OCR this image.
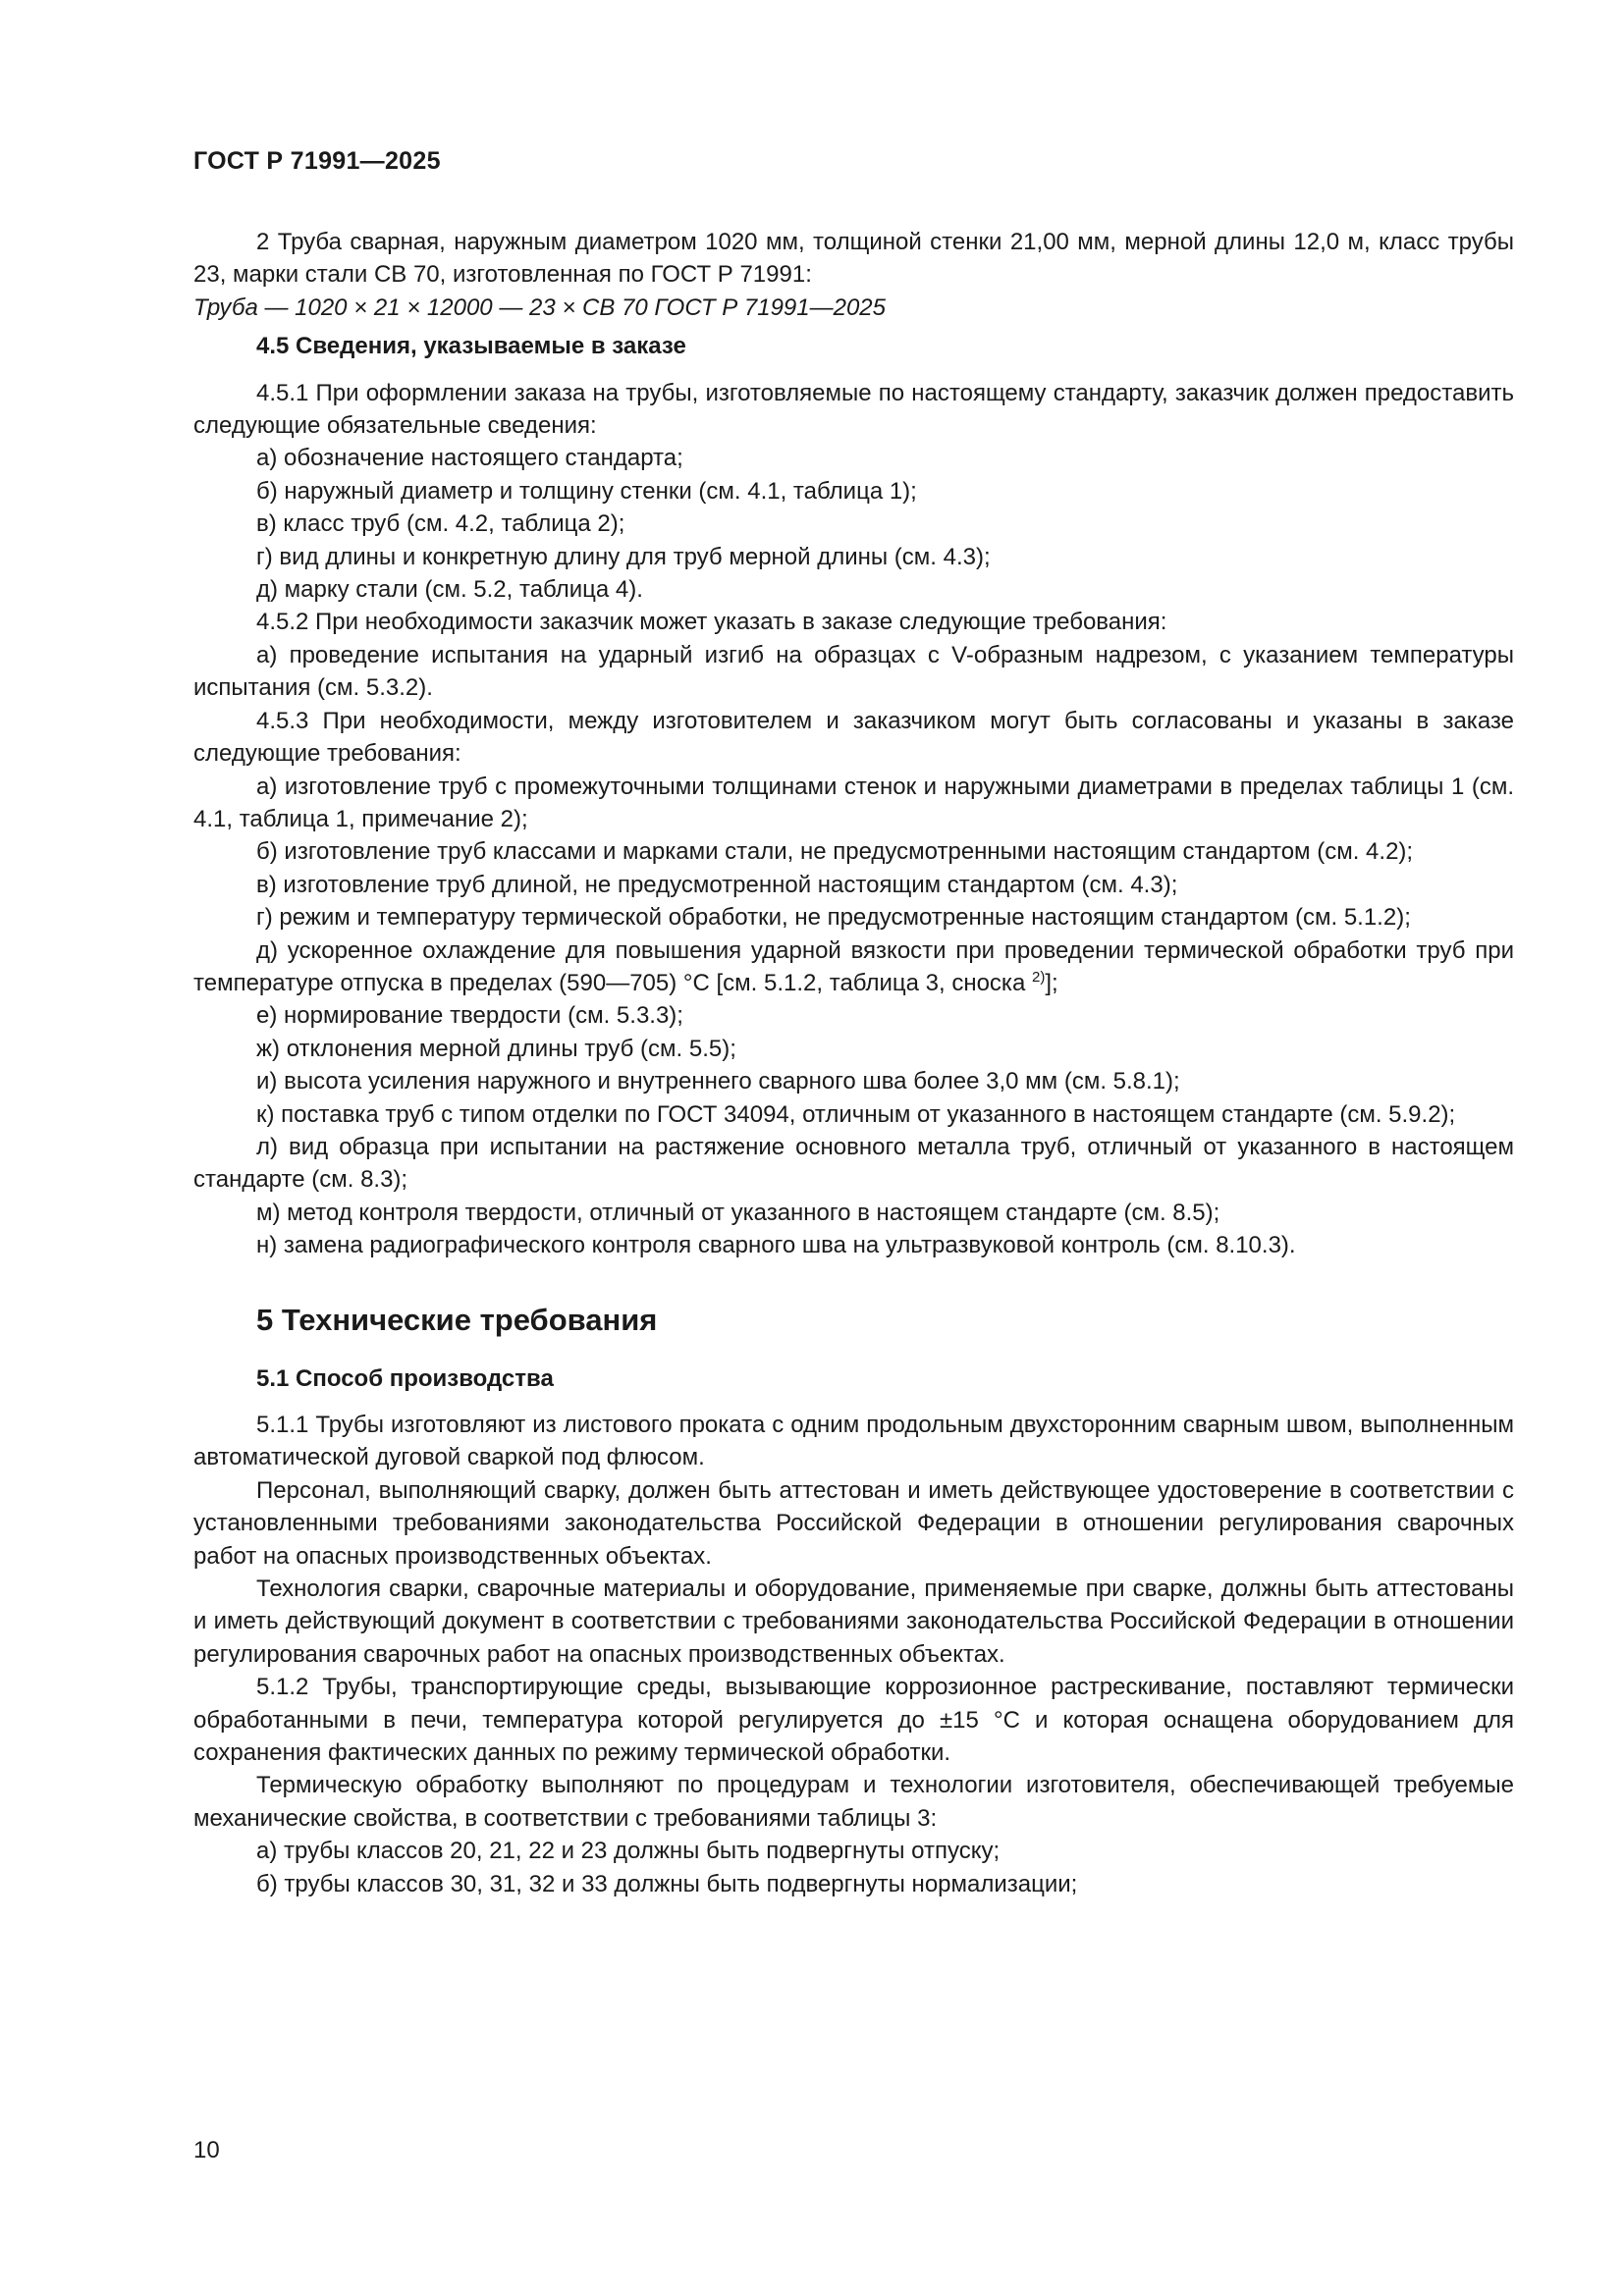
ГОСТ Р 71991—2025

2 Труба сварная, наружным диаметром 1020 мм, толщиной стенки 21,00 мм, мерной длины 12,0 м, класс трубы 23, марки стали СВ 70, изготовленная по ГОСТ Р 71991:

Труба — 1020 × 21 × 12000 — 23 × СВ 70 ГОСТ Р 71991—2025

4.5 Сведения, указываемые в заказе

4.5.1 При оформлении заказа на трубы, изготовляемые по настоящему стандарту, заказчик должен предоставить следующие обязательные сведения:

а) обозначение настоящего стандарта;

б) наружный диаметр и толщину стенки (см. 4.1, таблица 1);

в) класс труб (см. 4.2, таблица 2);

г) вид длины и конкретную длину для труб мерной длины (см. 4.3);

д) марку стали (см. 5.2, таблица 4).

4.5.2 При необходимости заказчик может указать в заказе следующие требования:

а) проведение испытания на ударный изгиб на образцах с V-образным надрезом, с указанием температуры испытания (см. 5.3.2).

4.5.3 При необходимости, между изготовителем и заказчиком могут быть согласованы и указаны в заказе следующие требования:

а) изготовление труб с промежуточными толщинами стенок и наружными диаметрами в пределах таблицы 1 (см. 4.1, таблица 1, примечание 2);

б) изготовление труб классами и марками стали, не предусмотренными настоящим стандартом (см. 4.2);

в) изготовление труб длиной, не предусмотренной настоящим стандартом (см. 4.3);

г) режим и температуру термической обработки, не предусмотренные настоящим стандартом (см. 5.1.2);

д) ускоренное охлаждение для повышения ударной вязкости при проведении термической обработки труб при температуре отпуска в пределах (590—705) °С [см. 5.1.2, таблица 3, сноска $^{2)}$];

е) нормирование твердости (см. 5.3.3);

ж) отклонения мерной длины труб (см. 5.5);

и) высота усиления наружного и внутреннего сварного шва более 3,0 мм (см. 5.8.1);

к) поставка труб с типом отделки по ГОСТ 34094, отличным от указанного в настоящем стандарте (см. 5.9.2);

л) вид образца при испытании на растяжение основного металла труб, отличный от указанного в настоящем стандарте (см. 8.3);

м) метод контроля твердости, отличный от указанного в настоящем стандарте (см. 8.5);

н) замена радиографического контроля сварного шва на ультразвуковой контроль (см. 8.10.3).

5 Технические требования
5.1 Способ производства

5.1.1 Трубы изготовляют из листового проката с одним продольным двухсторонним сварным швом, выполненным автоматической дуговой сваркой под флюсом.

Персонал, выполняющий сварку, должен быть аттестован и иметь действующее удостоверение в соответствии с установленными требованиями законодательства Российской Федерации в отношении регулирования сварочных работ на опасных производственных объектах.

Технология сварки, сварочные материалы и оборудование, применяемые при сварке, должны быть аттестованы и иметь действующий документ в соответствии с требованиями законодательства Российской Федерации в отношении регулирования сварочных работ на опасных производственных объектах.

5.1.2 Трубы, транспортирующие среды, вызывающие коррозионное растрескивание, поставляют термически обработанными в печи, температура которой регулируется до ±15 °С и которая оснащена оборудованием для сохранения фактических данных по режиму термической обработки.

Термическую обработку выполняют по процедурам и технологии изготовителя, обеспечивающей требуемые механические свойства, в соответствии с требованиями таблицы 3:

а) трубы классов 20, 21, 22 и 23 должны быть подвергнуты отпуску;

б) трубы классов 30, 31, 32 и 33 должны быть подвергнуты нормализации;

10
